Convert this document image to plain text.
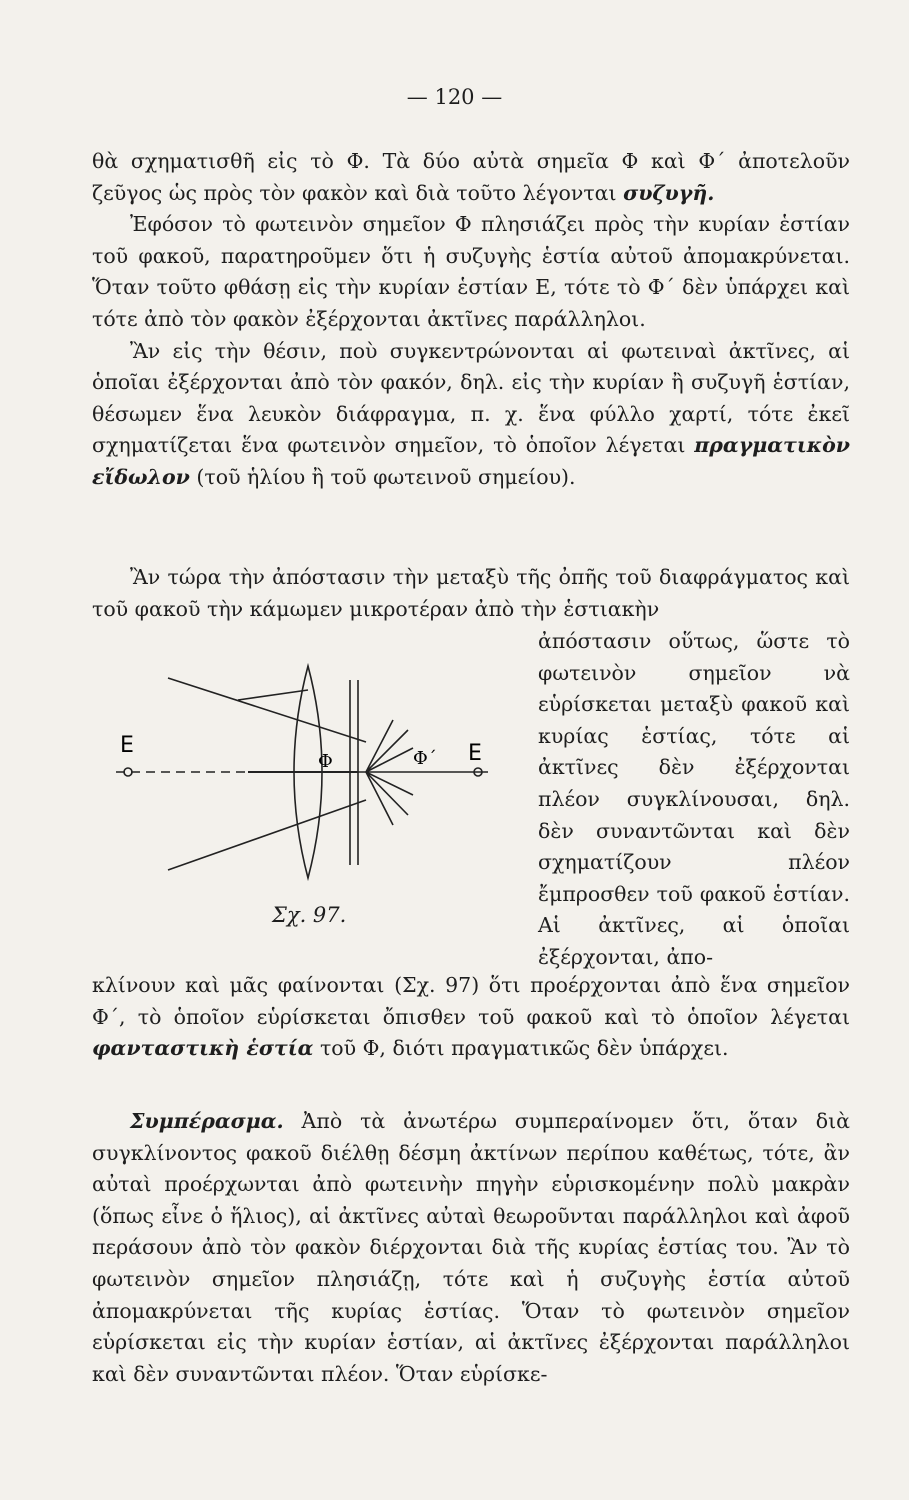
— 120 —

θὰ σχηματισθῆ εἰς τὸ Φ. Τὰ δύο αὐτὰ σημεῖα Φ καὶ Φ΄ ἀποτελοῦν ζεῦγος ὡς πρὸς τὸν φακὸν καὶ διὰ τοῦτο λέγονται συζυγῆ.

Ἐφόσον τὸ φωτεινὸν σημεῖον Φ πλησιάζει πρὸς τὴν κυρίαν ἑστίαν τοῦ φακοῦ, παρατηροῦμεν ὅτι ἡ συζυγὴς ἑστία αὐτοῦ ἀπομακρύνεται. Ὅταν τοῦτο φθάσῃ εἰς τὴν κυρίαν ἑστίαν Ε, τότε τὸ Φ΄ δὲν ὑπάρχει καὶ τότε ἀπὸ τὸν φακὸν ἐξέρχονται ἀκτῖνες παράλληλοι.

Ἂν εἰς τὴν θέσιν, ποὺ συγκεντρώνονται αἱ φωτειναὶ ἀκτῖνες, αἱ ὁποῖαι ἐξέρχονται ἀπὸ τὸν φακόν, δηλ. εἰς τὴν κυρίαν ἢ συζυγῆ ἑστίαν, θέσωμεν ἕνα λευκὸν διάφραγμα, π. χ. ἕνα φύλλο χαρτί, τότε ἐκεῖ σχηματίζεται ἕνα φωτεινὸν σημεῖον, τὸ ὁποῖον λέγεται πραγματικὸν εἴδωλον (τοῦ ἡλίου ἢ τοῦ φωτεινοῦ σημείου).

Ἂν τώρα τὴν ἀπόστασιν τὴν μεταξὺ τῆς ὀπῆς τοῦ διαφράγματος καὶ τοῦ φακοῦ τὴν κάμωμεν μικροτέραν ἀπὸ τὴν ἑστιακὴν

ἀπόστασιν οὕτως, ὥστε τὸ φωτεινὸν σημεῖον νὰ εὑρίσκεται μεταξὺ φακοῦ καὶ κυρίας ἑστίας, τότε αἱ ἀκτῖνες δὲν ἐξέρχονται πλέον συγκλίνουσαι, δηλ. δὲν συναντῶνται καὶ δὲν σχηματίζουν πλέον ἔμπροσθεν τοῦ φακοῦ ἑστίαν. Αἱ ἀκτῖνες, αἱ ὁποῖαι ἐξέρχονται, ἀπο-

E	E
Φ	Φ΄
Σχ. 97.

κλίνουν καὶ μᾶς φαίνονται (Σχ. 97) ὅτι προέρχονται ἀπὸ ἕνα σημεῖον Φ΄, τὸ ὁποῖον εὑρίσκεται ὄπισθεν τοῦ φακοῦ καὶ τὸ ὁποῖον λέγεται φανταστικὴ ἑστία τοῦ Φ, διότι πραγματικῶς δὲν ὑπάρχει.

Συμπέρασμα. Ἀπὸ τὰ ἀνωτέρω συμπεραίνομεν ὅτι, ὅταν διὰ συγκλίνοντος φακοῦ διέλθῃ δέσμη ἀκτίνων περίπου καθέτως, τότε, ἂν αὐταὶ προέρχωνται ἀπὸ φωτεινὴν πηγὴν εὑρισκομένην πολὺ μακρὰν (ὅπως εἶνε ὁ ἥλιος), αἱ ἀκτῖνες αὐταὶ θεωροῦνται παράλληλοι καὶ ἀφοῦ περάσουν ἀπὸ τὸν φακὸν διέρχονται διὰ τῆς κυρίας ἑστίας του. Ἂν τὸ φωτεινὸν σημεῖον πλησιάζῃ, τότε καὶ ἡ συζυγὴς ἑστία αὐτοῦ ἀπομακρύνεται τῆς κυρίας ἑστίας. Ὅταν τὸ φωτεινὸν σημεῖον εὑρίσκεται εἰς τὴν κυρίαν ἑστίαν, αἱ ἀκτῖνες ἐξέρχονται παράλληλοι καὶ δὲν συναντῶνται πλέον. Ὅταν εὑρίσκε-
